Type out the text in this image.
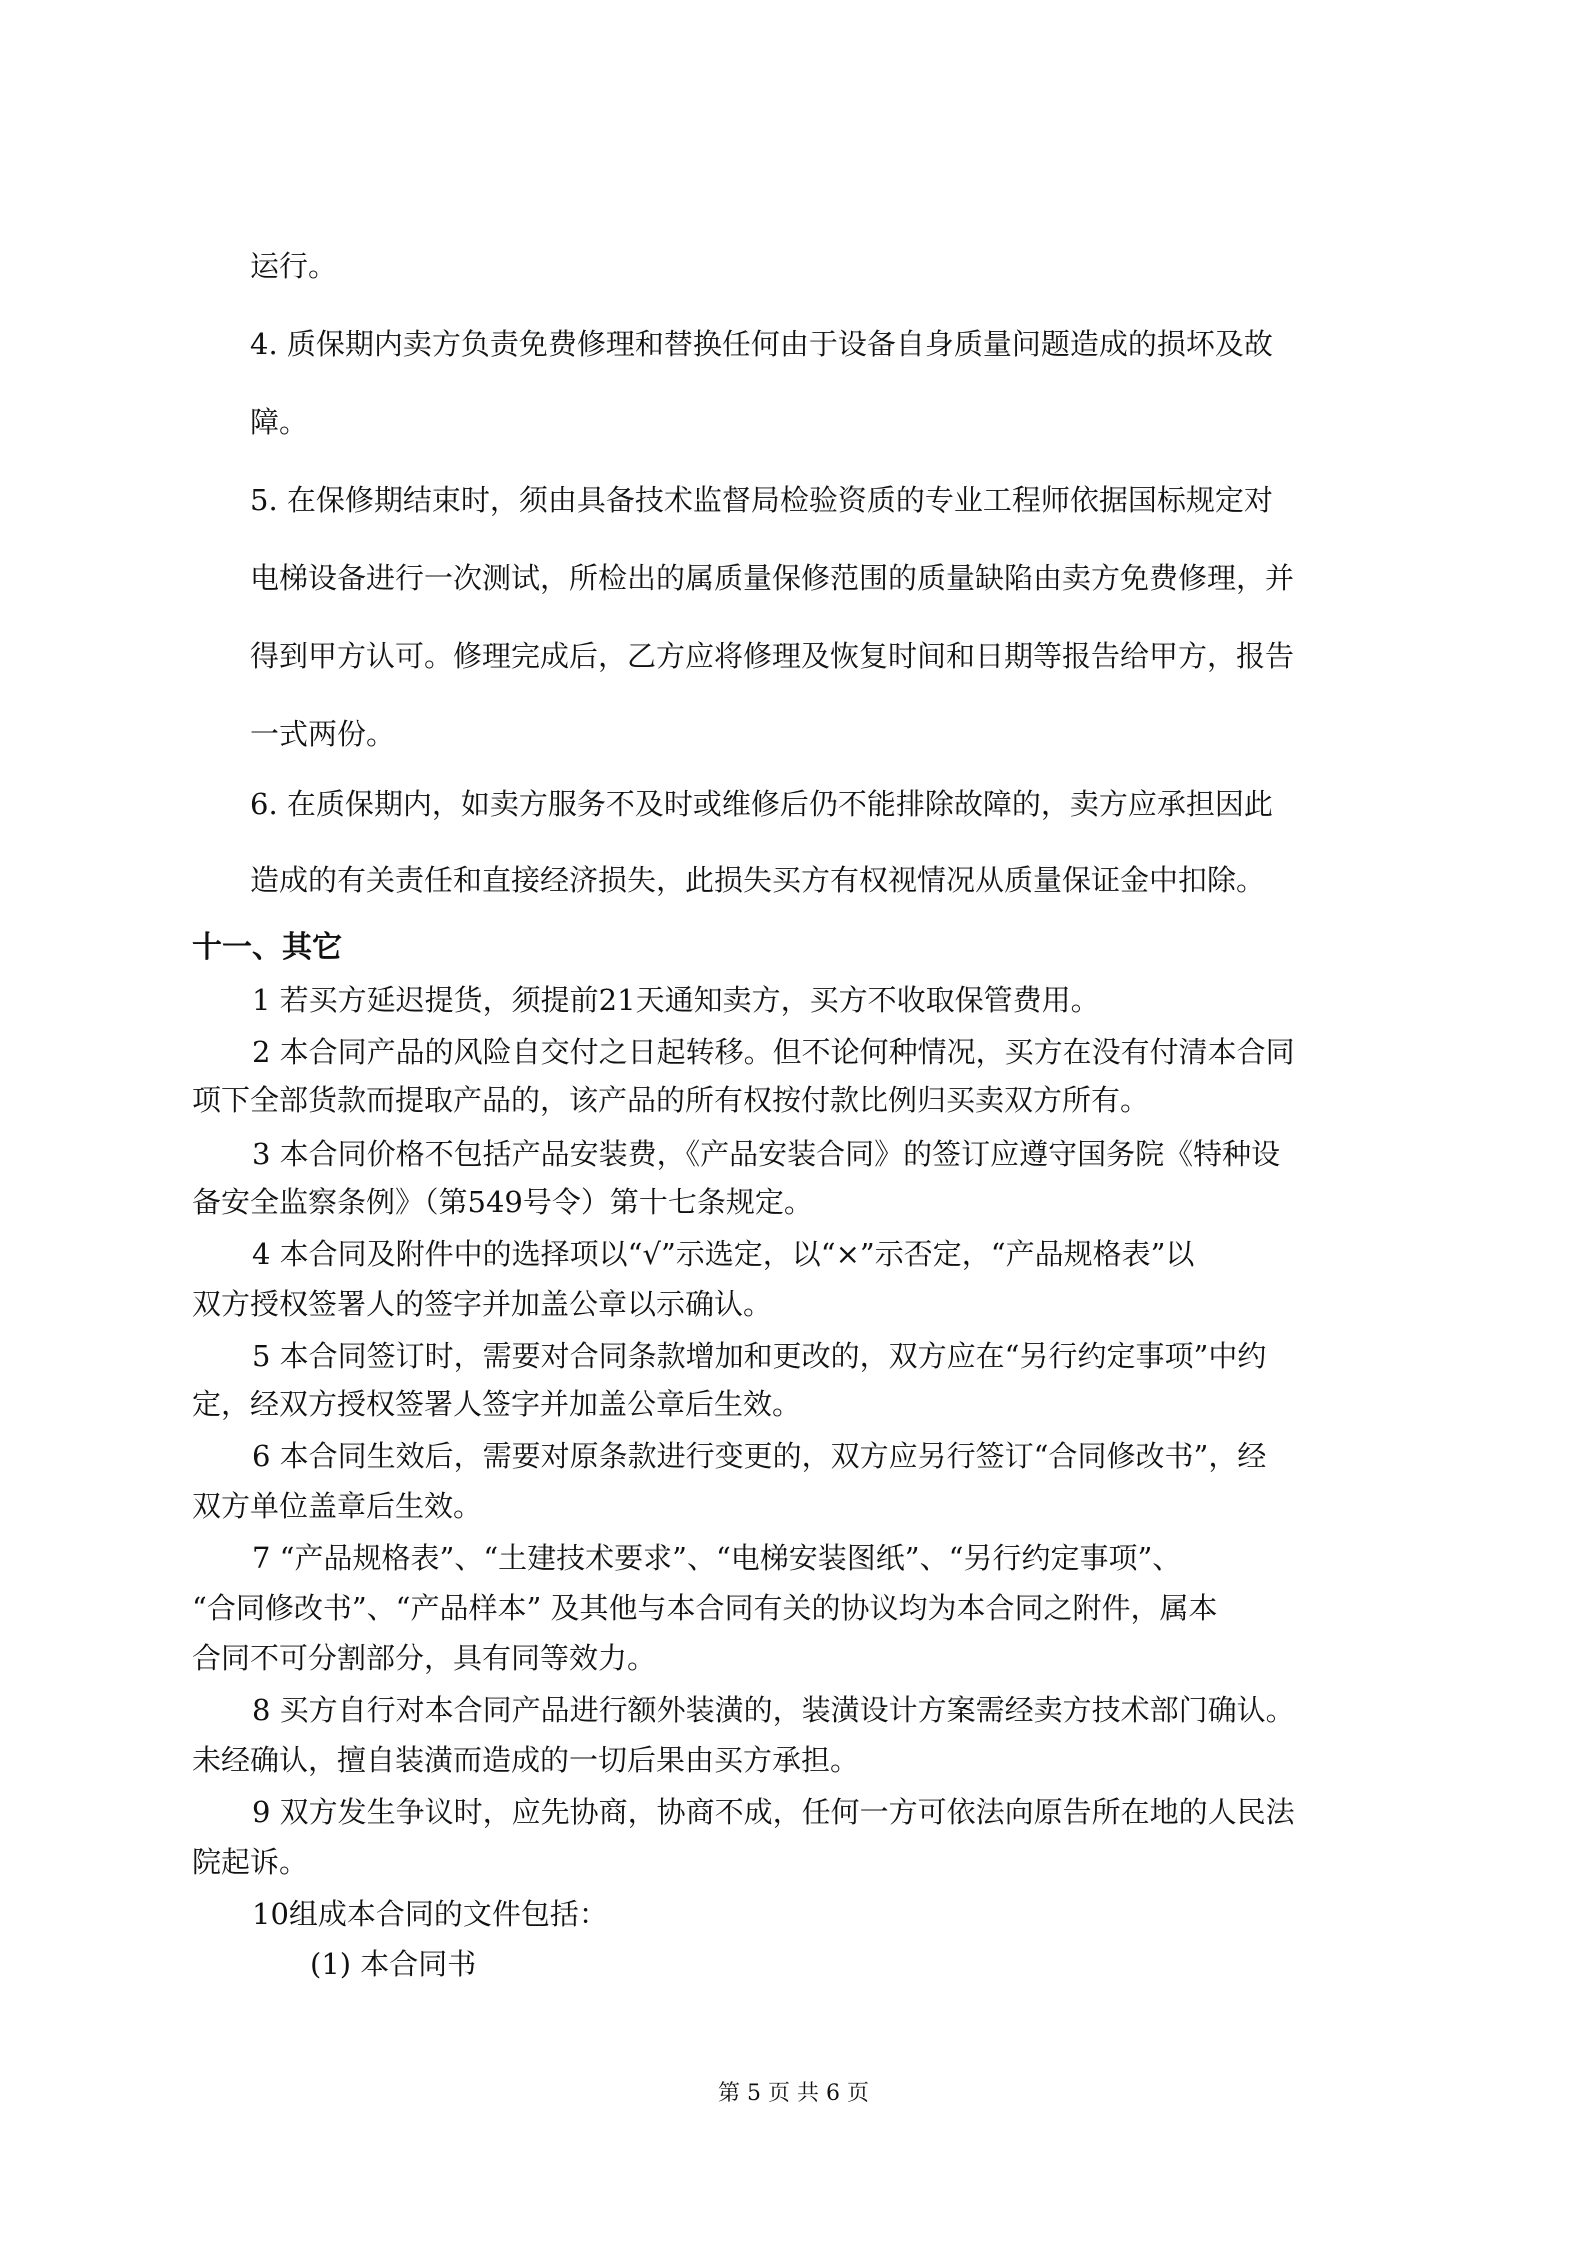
运行。
4. 质保期内卖方负责免费修理和替换任何由于设备自身质量问题造成的损坏及故
障。
5. 在保修期结束时，须由具备技术监督局检验资质的专业工程师依据国标规定对
电梯设备进行一次测试，所检出的属质量保修范围的质量缺陷由卖方免费修理，并
得到甲方认可。修理完成后，乙方应将修理及恢复时间和日期等报告给甲方，报告
一式两份。
6. 在质保期内，如卖方服务不及时或维修后仍不能排除故障的，卖方应承担因此
造成的有关责任和直接经济损失，此损失买方有权视情况从质量保证金中扣除。
十一、其它
1 若买方延迟提货，须提前21天通知卖方，买方不收取保管费用。
2 本合同产品的风险自交付之日起转移。但不论何种情况，买方在没有付清本合同
项下全部货款而提取产品的，该产品的所有权按付款比例归买卖双方所有。
3 本合同价格不包括产品安装费，《产品安装合同》的签订应遵守国务院《特种设
备安全监察条例》（第549号令）第十七条规定。
4 本合同及附件中的选择项以“√”示选定，以“×”示否定，“产品规格表”以
双方授权签署人的签字并加盖公章以示确认。
5 本合同签订时，需要对合同条款增加和更改的，双方应在“另行约定事项”中约
定，经双方授权签署人签字并加盖公章后生效。
6 本合同生效后，需要对原条款进行变更的，双方应另行签订“合同修改书”，经
双方单位盖章后生效。
7 “产品规格表”、“土建技术要求”、“电梯安装图纸”、“另行约定事项”、
“合同修改书”、“产品样本” 及其他与本合同有关的协议均为本合同之附件，属本
合同不可分割部分，具有同等效力。
8 买方自行对本合同产品进行额外装潢的，装潢设计方案需经卖方技术部门确认。
未经确认，擅自装潢而造成的一切后果由买方承担。
9 双方发生争议时，应先协商，协商不成，任何一方可依法向原告所在地的人民法
院起诉。
10组成本合同的文件包括：
(1) 本合同书
第 5 页 共 6 页
